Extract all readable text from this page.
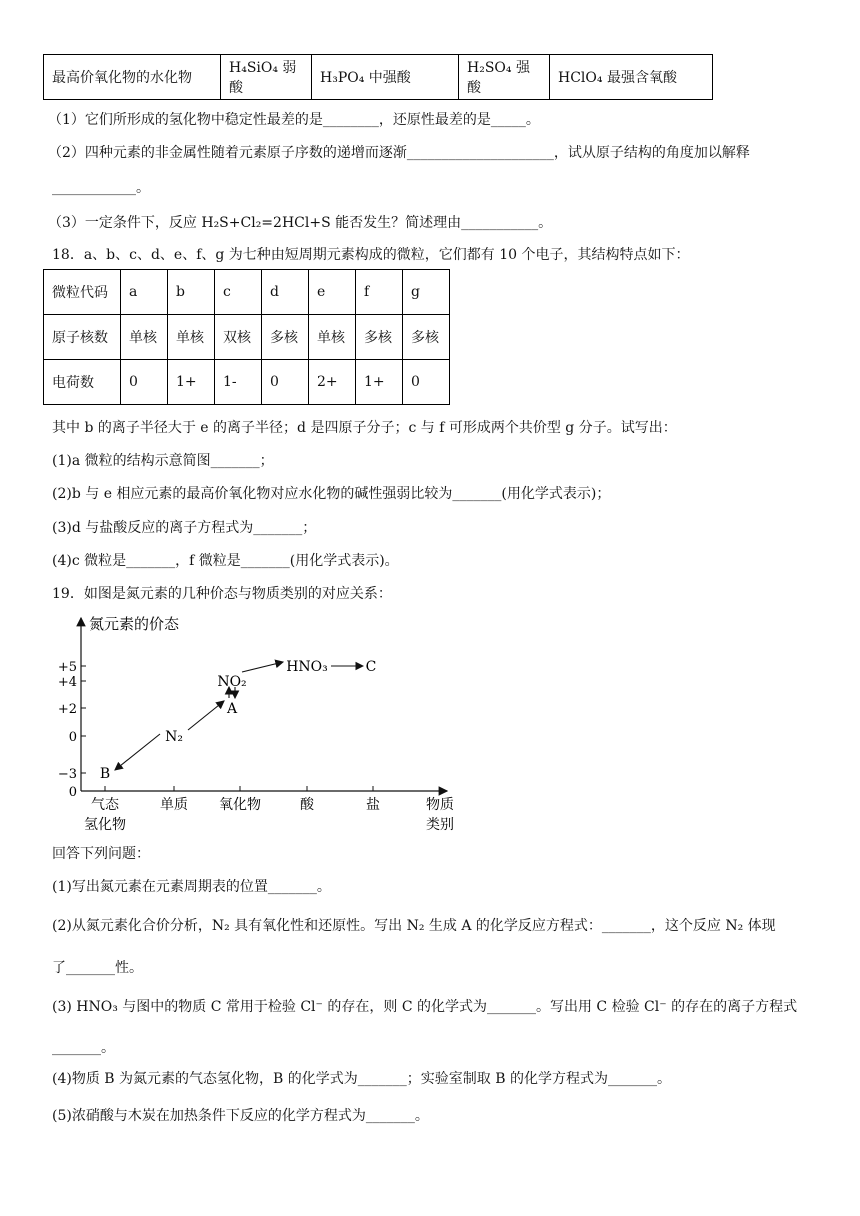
最高价氧化物的水化物	H₄SiO₄ 弱酸	H₃PO₄ 中强酸	H₂SO₄ 强酸	HClO₄ 最强含氧酸
（1）它们所形成的氢化物中稳定性最差的是________，还原性最差的是_____。
（2）四种元素的非金属性随着元素原子序数的递增而逐渐_____________________，试从原子结构的角度加以解释
____________。
（3）一定条件下，反应 H₂S+Cl₂=2HCl+S 能否发生？简述理由___________。
18．a、b、c、d、e、f、g 为七种由短周期元素构成的微粒，它们都有 10 个电子，其结构特点如下：
微粒代码	a	b	c	d	e	f	g
原子核数	单核	单核	双核	多核	单核	多核	多核
电荷数	0	1+	1-	0	2+	1+	0
其中 b 的离子半径大于 e 的离子半径；d 是四原子分子；c 与 f 可形成两个共价型 g 分子。试写出：
(1)a 微粒的结构示意简图_______；
(2)b 与 e 相应元素的最高价氧化物对应水化物的碱性强弱比较为_______(用化学式表示)；
(3)d 与盐酸反应的离子方程式为_______；
(4)c 微粒是_______，f 微粒是_______(用化学式表示)。
19．如图是氮元素的几种价态与物质类别的对应关系：
氮元素的价态
+5
+4
+2
0
−3
0
气态
氢化物
单质 氧化物	酸	盐	物质
类别
B
N₂
A
NO₂
HNO₃	C
回答下列问题：
(1)写出氮元素在元素周期表的位置_______。
(2)从氮元素化合价分析，N₂ 具有氧化性和还原性。写出 N₂ 生成 A 的化学反应方程式：_______，这个反应 N₂ 体现
了_______性。
(3) HNO₃ 与图中的物质 C 常用于检验 Cl⁻ 的存在，则 C 的化学式为_______。写出用 C 检验 Cl⁻ 的存在的离子方程式
_______。
(4)物质 B 为氮元素的气态氢化物，B 的化学式为_______；实验室制取 B 的化学方程式为_______。
(5)浓硝酸与木炭在加热条件下反应的化学方程式为_______。
